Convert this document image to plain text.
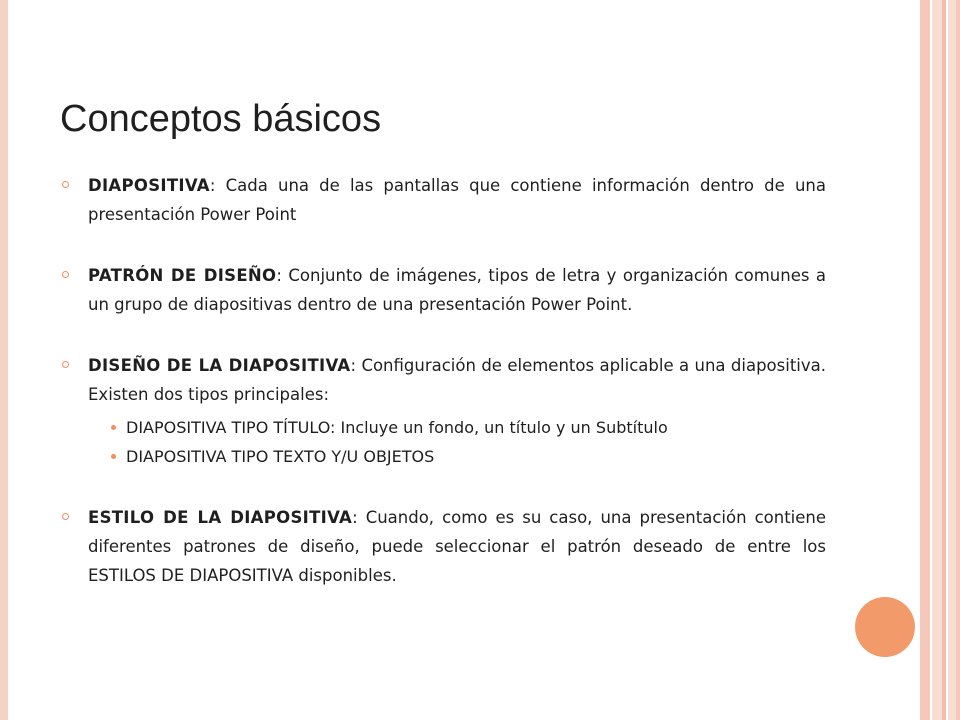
Conceptos básicos

DIAPOSITIVA: Cada una de las pantallas que contiene información dentro de una presentación Power Point

PATRÓN DE DISEÑO: Conjunto de imágenes, tipos de letra y organización comunes a un grupo de diapositivas dentro de una presentación Power Point.

DISEÑO DE LA DIAPOSITIVA: Configuración de elementos aplicable a una diapositiva. Existen dos tipos principales:
DIAPOSITIVA TIPO TÍTULO: Incluye un fondo, un título y un Subtítulo
DIAPOSITIVA TIPO TEXTO Y/U OBJETOS

ESTILO DE LA DIAPOSITIVA: Cuando, como es su caso, una presentación contiene diferentes patrones de diseño, puede seleccionar el patrón deseado de entre los ESTILOS DE DIAPOSITIVA disponibles.
